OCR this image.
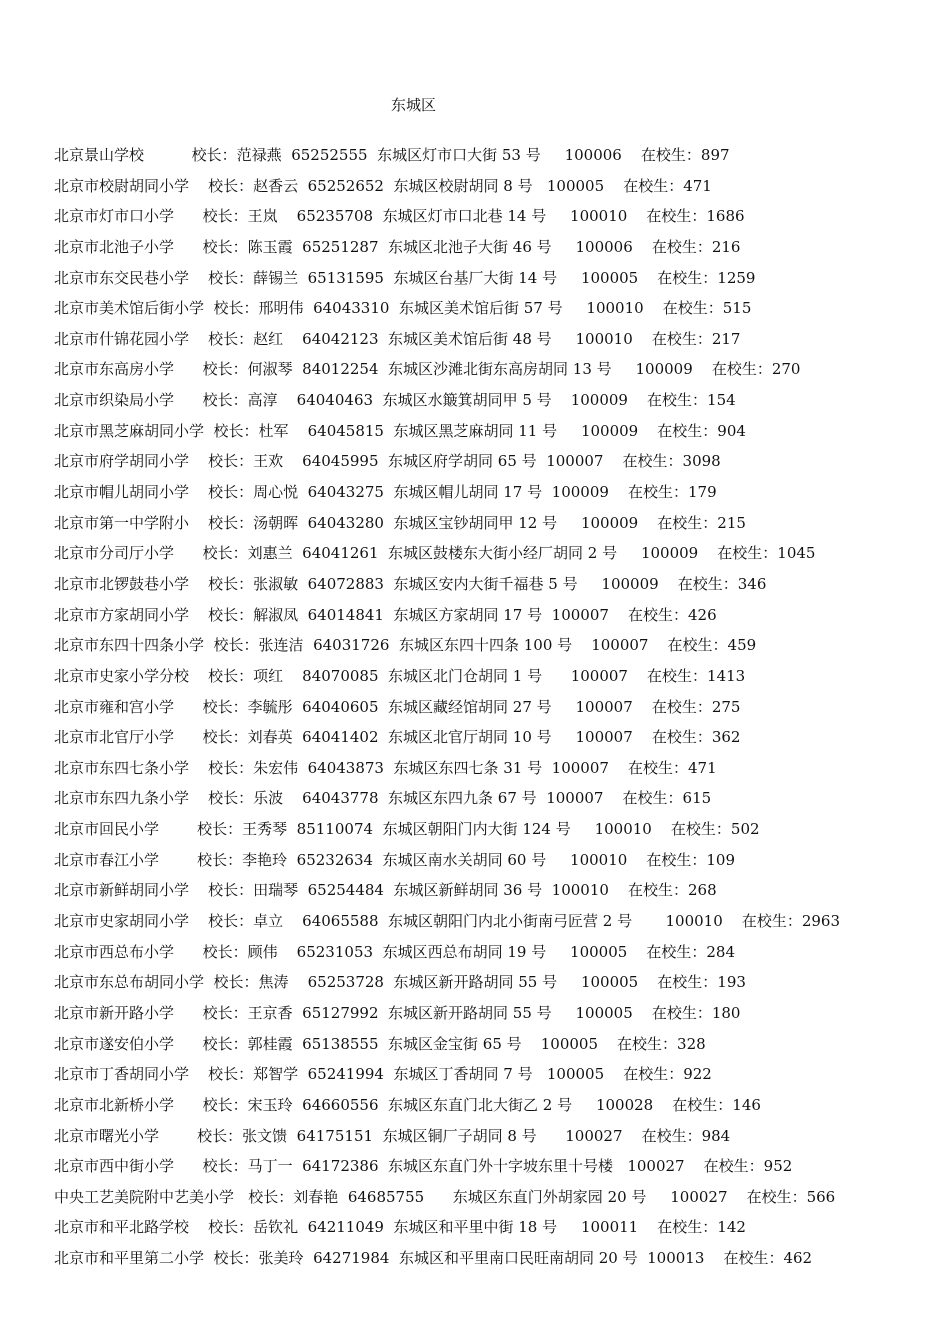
东城区
北京景山学校          校长：范禄燕  65252555  东城区灯市口大街 53 号     100006    在校生：897
北京市校尉胡同小学    校长：赵香云  65252652  东城区校尉胡同 8 号   100005    在校生：471
北京市灯市口小学      校长：王岚    65235708  东城区灯市口北巷 14 号     100010    在校生：1686
北京市北池子小学      校长：陈玉霞  65251287  东城区北池子大街 46 号     100006    在校生：216
北京市东交民巷小学    校长：薛锡兰  65131595  东城区台基厂大街 14 号     100005    在校生：1259
北京市美术馆后街小学  校长：邢明伟  64043310  东城区美术馆后街 57 号     100010    在校生：515
北京市什锦花园小学    校长：赵红    64042123  东城区美术馆后街 48 号     100010    在校生：217
北京市东高房小学      校长：何淑琴  84012254  东城区沙滩北街东高房胡同 13 号     100009    在校生：270
北京市织染局小学      校长：高淳    64040463  东城区水簸箕胡同甲 5 号    100009    在校生：154
北京市黑芝麻胡同小学  校长：杜军    64045815  东城区黑芝麻胡同 11 号     100009    在校生：904
北京市府学胡同小学    校长：王欢    64045995  东城区府学胡同 65 号  100007    在校生：3098
北京市帽儿胡同小学    校长：周心悦  64043275  东城区帽儿胡同 17 号  100009    在校生：179
北京市第一中学附小    校长：汤朝晖  64043280  东城区宝钞胡同甲 12 号     100009    在校生：215
北京市分司厅小学      校长：刘惠兰  64041261  东城区鼓楼东大街小经厂胡同 2 号     100009    在校生：1045
北京市北锣鼓巷小学    校长：张淑敏  64072883  东城区安内大街千福巷 5 号     100009    在校生：346
北京市方家胡同小学    校长：解淑凤  64014841  东城区方家胡同 17 号  100007    在校生：426
北京市东四十四条小学  校长：张连洁  64031726  东城区东四十四条 100 号    100007    在校生：459
北京市史家小学分校    校长：项红    84070085  东城区北门仓胡同 1 号      100007    在校生：1413
北京市雍和宫小学      校长：李毓彤  64040605  东城区藏经馆胡同 27 号     100007    在校生：275
北京市北官厅小学      校长：刘春英  64041402  东城区北官厅胡同 10 号     100007    在校生：362
北京市东四七条小学    校长：朱宏伟  64043873  东城区东四七条 31 号  100007    在校生：471
北京市东四九条小学    校长：乐波    64043778  东城区东四九条 67 号  100007    在校生：615
北京市回民小学        校长：王秀琴  85110074  东城区朝阳门内大街 124 号     100010    在校生：502
北京市春江小学        校长：李艳玲  65232634  东城区南水关胡同 60 号     100010    在校生：109
北京市新鲜胡同小学    校长：田瑞琴  65254484  东城区新鲜胡同 36 号  100010    在校生：268
北京市史家胡同小学    校长：卓立    64065588  东城区朝阳门内北小街南弓匠营 2 号       100010    在校生：2963
北京市西总布小学      校长：顾伟    65231053  东城区西总布胡同 19 号     100005    在校生：284
北京市东总布胡同小学  校长：焦涛    65253728  东城区新开路胡同 55 号     100005    在校生：193
北京市新开路小学      校长：王京香  65127992  东城区新开路胡同 55 号     100005    在校生：180
北京市遂安伯小学      校长：郭桂霞  65138555  东城区金宝街 65 号    100005    在校生：328
北京市丁香胡同小学    校长：郑智学  65241994  东城区丁香胡同 7 号   100005    在校生：922
北京市北新桥小学      校长：宋玉玲  64660556  东城区东直门北大街乙 2 号     100028    在校生：146
北京市曙光小学        校长：张文馈  64175151  东城区铜厂子胡同 8 号      100027    在校生：984
北京市西中街小学      校长：马丁一  64172386  东城区东直门外十字坡东里十号楼   100027    在校生：952
中央工艺美院附中艺美小学   校长：刘春艳  64685755      东城区东直门外胡家园 20 号     100027    在校生：566
北京市和平北路学校    校长：岳钦礼  64211049  东城区和平里中街 18 号     100011    在校生：142
北京市和平里第二小学  校长：张美玲  64271984  东城区和平里南口民旺南胡同 20 号  100013    在校生：462
